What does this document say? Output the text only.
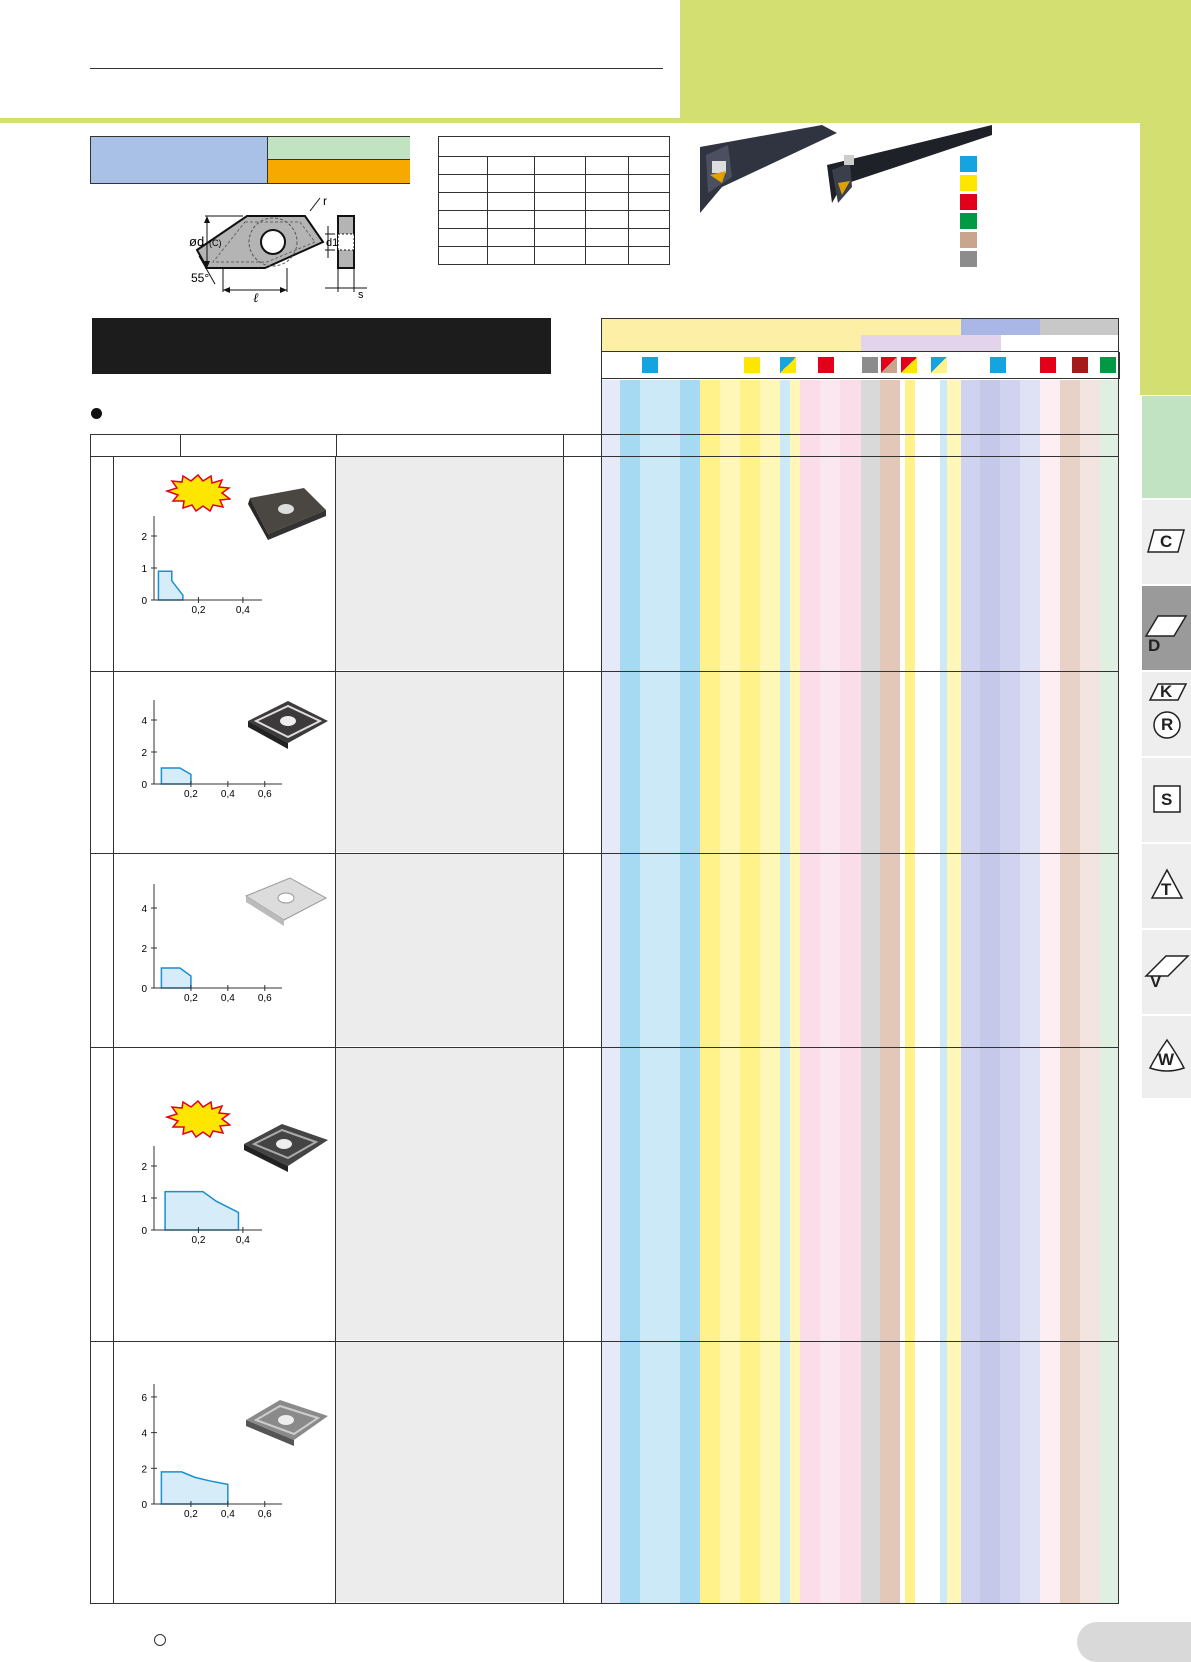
r
ød (C)	d1
55°
ℓ	s

0,2	0,4
0
1
2
0,2 0,4 0,6
0
2
4
0,2 0,4 0,6
0
2
4
0,2	0,4
0
1
2
0,2 0,4 0,6
0
2
4
6
C
D
K
R
S
T
V
W
